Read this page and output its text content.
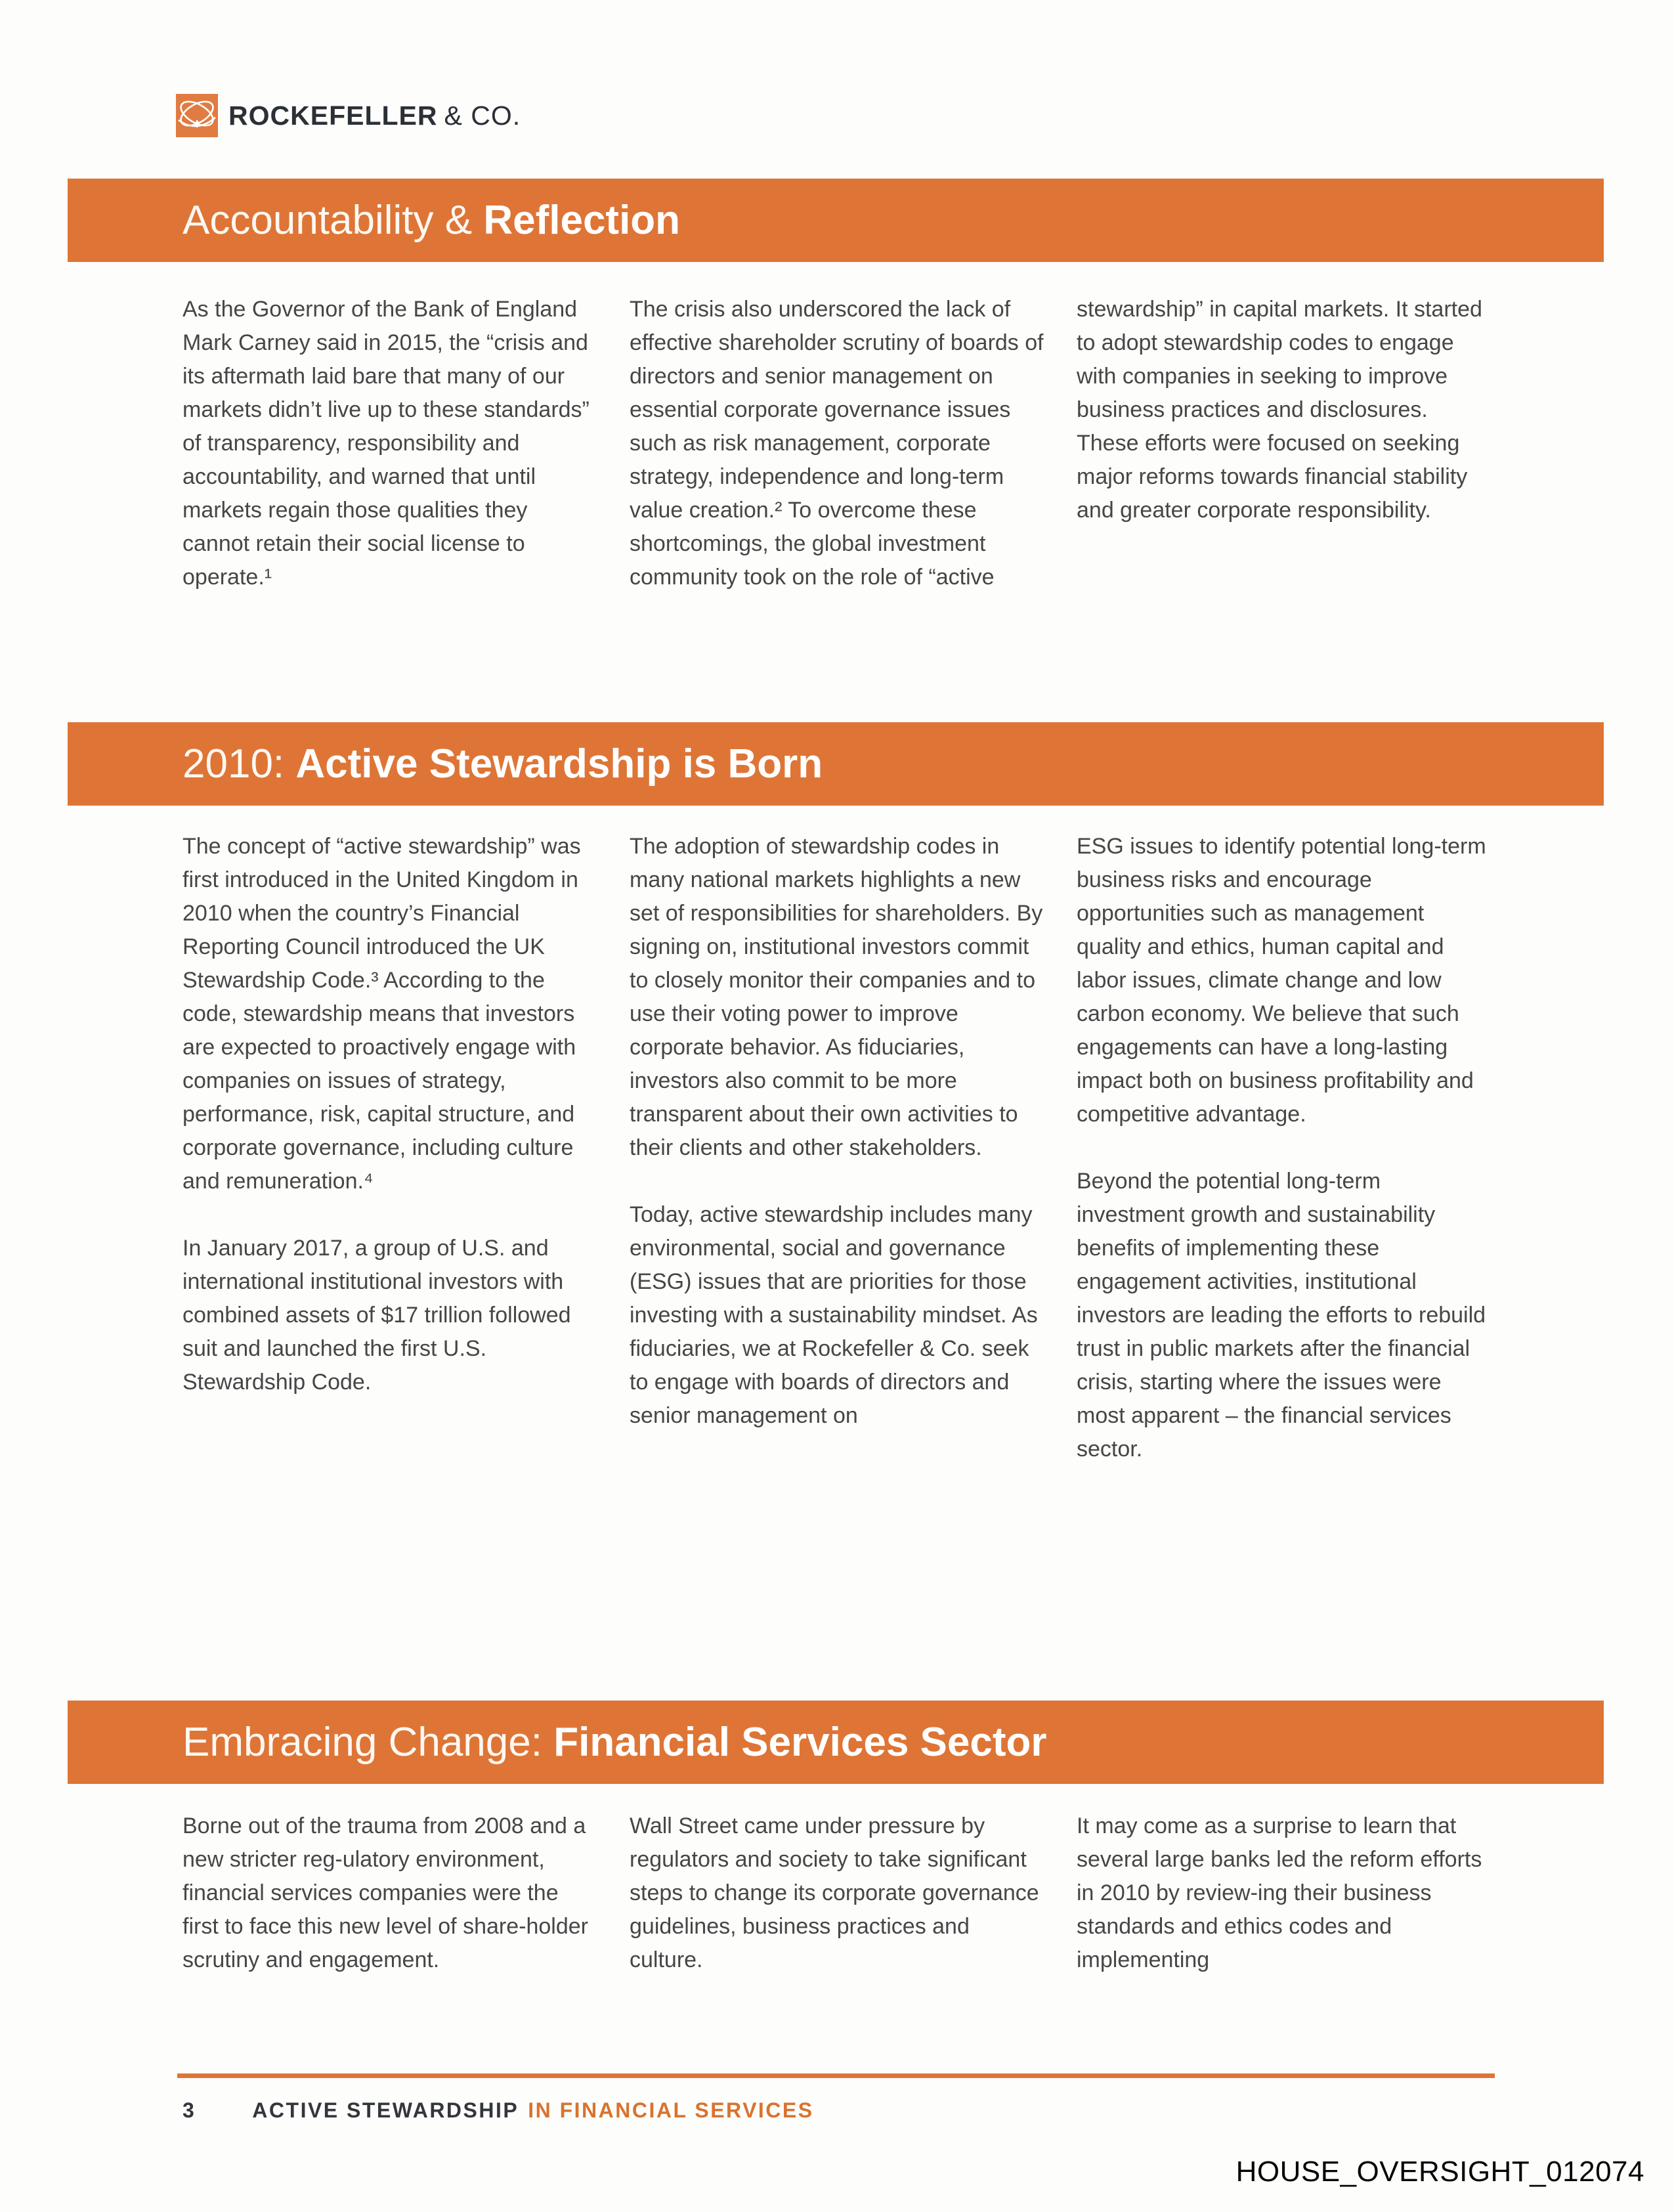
ROCKEFELLER & CO.
Accountability & Reflection

As the Governor of the Bank of England Mark Carney said in 2015, the “crisis and its aftermath laid bare that many of our markets didn’t live up to these standards” of transparency, responsibility and accountability, and warned that until markets regain those qualities they cannot retain their social license to operate.¹

The crisis also underscored the lack of effective shareholder scrutiny of boards of directors and senior management on essential corporate governance issues such as risk management, corporate strategy, independence and long-term value creation.² To overcome these shortcomings, the global investment community took on the role of “active

stewardship” in capital markets. It started to adopt stewardship codes to engage with companies in seeking to improve business practices and disclosures. These efforts were focused on seeking major reforms towards financial stability and greater corporate responsibility.

2010: Active Stewardship is Born

The concept of “active stewardship” was first introduced in the United Kingdom in 2010 when the country’s Financial Reporting Council introduced the UK Stewardship Code.³ According to the code, stewardship means that investors are expected to proactively engage with companies on issues of strategy, performance, risk, capital structure, and corporate governance, including culture and remuneration.⁴

In January 2017, a group of U.S. and international institutional investors with combined assets of $17 trillion followed suit and launched the first U.S. Stewardship Code.

The adoption of stewardship codes in many national markets highlights a new set of responsibilities for shareholders. By signing on, institutional investors commit to closely monitor their companies and to use their voting power to improve corporate behavior. As fiduciaries, investors also commit to be more transparent about their own activities to their clients and other stakeholders.

Today, active stewardship includes many environmental, social and governance (ESG) issues that are priorities for those investing with a sustainability mindset. As fiduciaries, we at Rockefeller & Co. seek to engage with boards of directors and senior management on

ESG issues to identify potential long-term business risks and encourage opportunities such as management quality and ethics, human capital and labor issues, climate change and low carbon economy. We believe that such engagements can have a long-lasting impact both on business profitability and competitive advantage.

Beyond the potential long-term investment growth and sustainability benefits of implementing these engagement activities, institutional investors are leading the efforts to rebuild trust in public markets after the financial crisis, starting where the issues were most apparent – the financial services sector.

Embracing Change: Financial Services Sector

Borne out of the trauma from 2008 and a new stricter reg-ulatory environment, financial services companies were the first to face this new level of share-holder scrutiny and engagement.

Wall Street came under pressure by regulators and society to take significant steps to change its corporate governance guidelines, business practices and culture.

It may come as a surprise to learn that several large banks led the reform efforts in 2010 by review-ing their business standards and ethics codes and implementing

3	ACTIVE STEWARDSHIP IN FINANCIAL SERVICES
HOUSE_OVERSIGHT_012074
